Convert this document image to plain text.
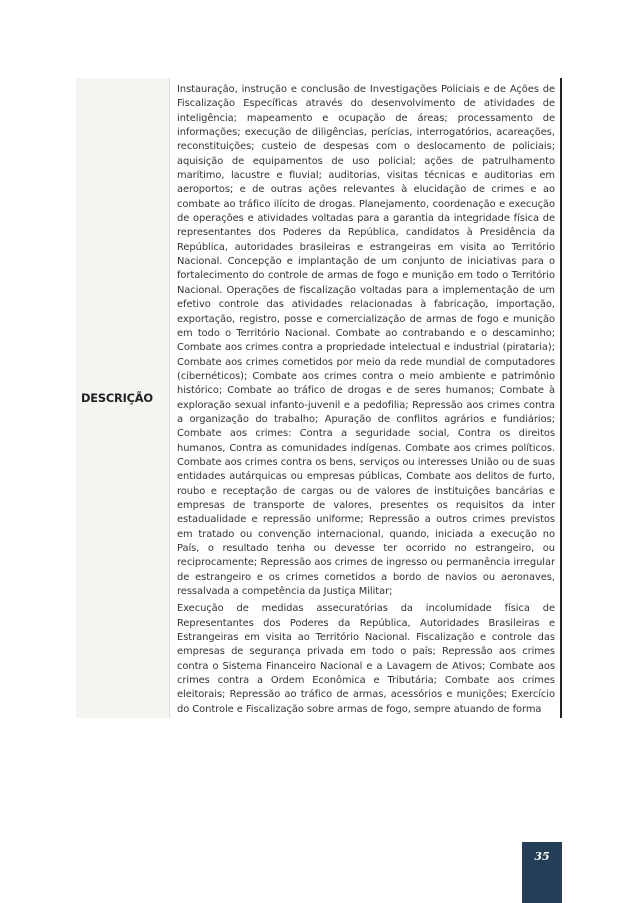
DESCRIÇÃO

Instauração, instrução e conclusão de Investigações Policiais e de Ações de Fiscalização Específicas através do desenvolvimento de atividades de inteligência; mapeamento e ocupação de áreas; processamento de informações; execução de diligências, perícias, interrogatórios, acareações, reconstituições; custeio de despesas com o deslocamento de policiais; aquisição de equipamentos de uso policial; ações de patrulhamento marítimo, lacustre e fluvial; auditorias, visitas técnicas e auditorias em aeroportos; e de outras ações relevantes à elucidação de crimes e ao combate ao tráfico ilícito de drogas. Planejamento, coordenação e execução de operações e atividades voltadas para a garantia da integridade física de representantes dos Poderes da República, candidatos à Presidência da República, autoridades brasileiras e estrangeiras em visita ao Território Nacional. Concepção e implantação de um conjunto de iniciativas para o fortalecimento do controle de armas de fogo e munição em todo o Território Nacional. Operações de fiscalização voltadas para a implementação de um efetivo controle das atividades relacionadas à fabricação, importação, exportação, registro, posse e comercialização de armas de fogo e munição em todo o Território Nacional. Combate ao contrabando e o descaminho; Combate aos crimes contra a propriedade intelectual e industrial (pirataria); Combate aos crimes cometidos por meio da rede mundial de computadores (cibernéticos); Combate aos crimes contra o meio ambiente e patrimônio histórico; Combate ao tráfico de drogas e de seres humanos; Combate à exploração sexual infanto-juvenil e a pedofilia; Repressão aos crimes contra a organização do trabalho; Apuração de conflitos agrários e fundiários; Combate aos crimes: Contra a seguridade social, Contra os direitos humanos, Contra as comunidades indígenas. Combate aos crimes políticos. Combate aos crimes contra os bens, serviços ou interesses União ou de suas entidades autárquicas ou empresas públicas, Combate aos delitos de furto, roubo e receptação de cargas ou de valores de instituições bancárias e empresas de transporte de valores, presentes os requisitos da inter estadualidade e repressão uniforme; Repressão a outros crimes previstos em tratado ou convenção internacional, quando, iniciada a execução no País, o resultado tenha ou devesse ter ocorrido no estrangeiro, ou reciprocamente; Repressão aos crimes de ingresso ou permanência irregular de estrangeiro e os crimes cometidos a bordo de navios ou aeronaves, ressalvada a competência da Justiça Militar;

Execução de medidas assecuratórias da incolumidade física de Representantes dos Poderes da República, Autoridades Brasileiras e Estrangeiras em visita ao Território Nacional. Fiscalização e controle das empresas de segurança privada em todo o país; Repressão aos crimes contra o Sistema Financeiro Nacional e a Lavagem de Ativos; Combate aos crimes contra a Ordem Econômica e Tributária; Combate aos crimes eleitorais; Repressão ao tráfico de armas, acessórios e munições; Exercício do Controle e Fiscalização sobre armas de fogo, sempre atuando de forma

35
